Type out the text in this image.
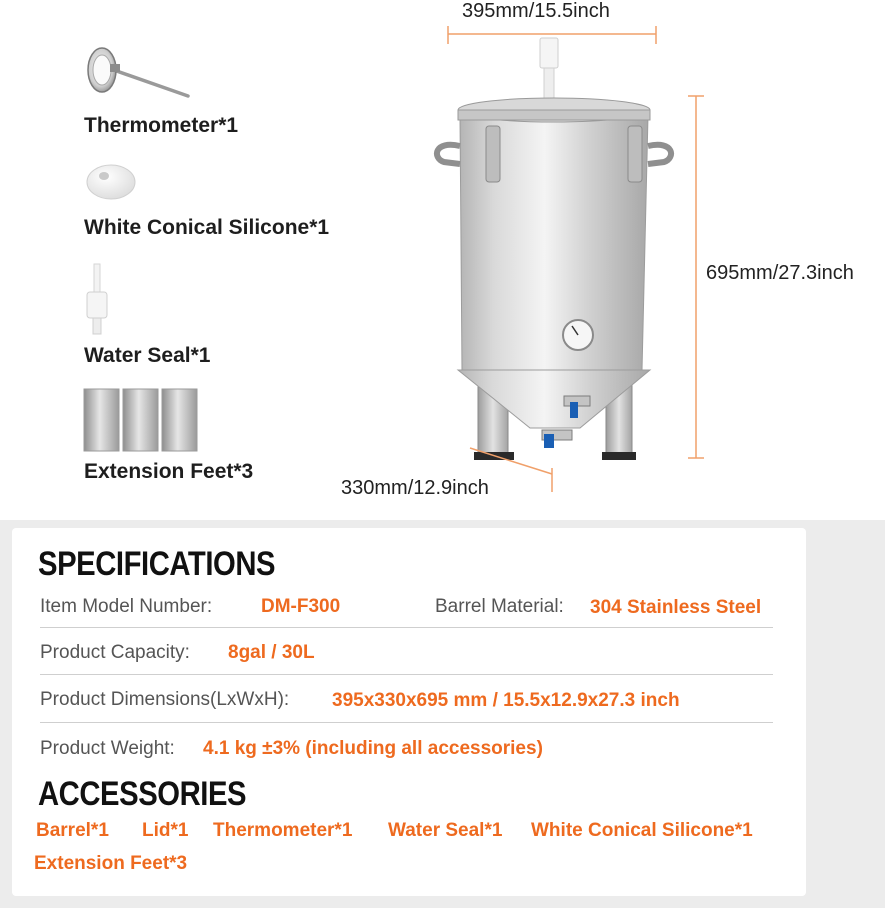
Thermometer*1
White Conical Silicone*1
Water Seal*1
Extension Feet*3
395mm/15.5inch
695mm/27.3inch
330mm/12.9inch
SPECIFICATIONS
Item Model Number:	DM-F300	Barrel Material: 304 Stainless Steel
Product Capacity: 8gal / 30L
Product Dimensions(LxWxH): 395x330x695 mm / 15.5x12.9x27.3 inch
Product Weight: 4.1 kg ±3% (including all accessories)
ACCESSORIES
Barrel*1 Lid*1 Thermometer*1 Water Seal*1 White Conical Silicone*1
Extension Feet*3
